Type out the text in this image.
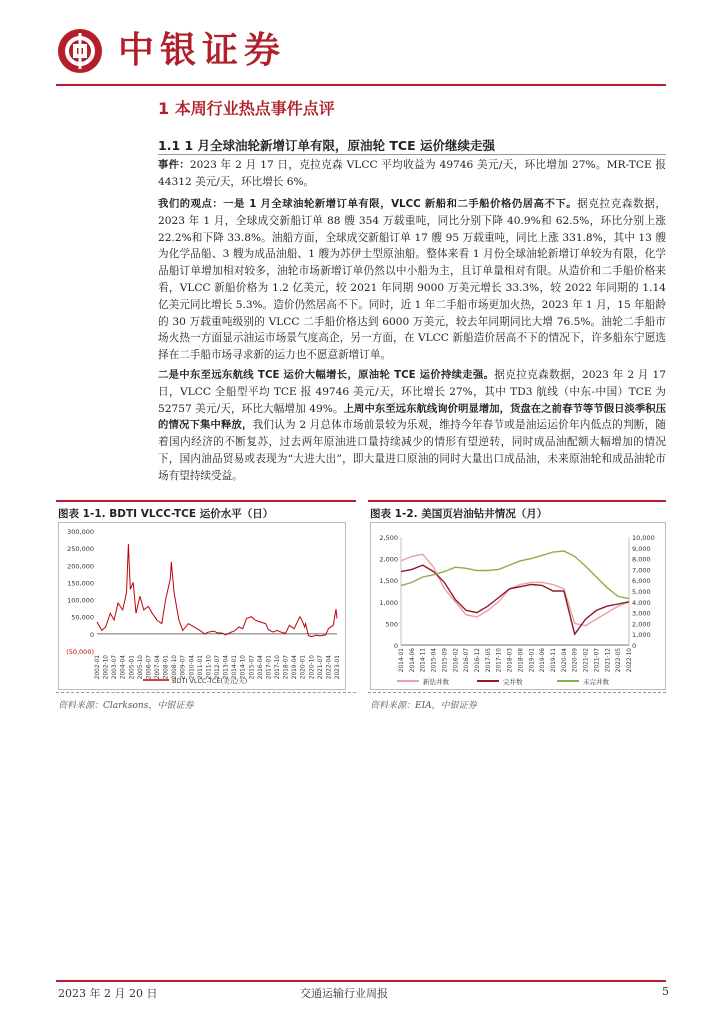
中银证券
1 本周行业热点事件点评
1.1 1 月全球油轮新增订单有限，原油轮 TCE 运价继续走强
事件：2023 年 2 月 17 日，克拉克森 VLCC 平均收益为 49746 美元/天，环比增加 27%。MR-TCE 报 44312 美元/天，环比增长 6%。
我们的观点：一是 1 月全球油轮新增订单有限，VLCC 新船和二手船价格仍居高不下。据克拉克森数据，2023 年 1 月，全球成交新船订单 88 艘 354 万载重吨，同比分别下降 40.9%和 62.5%，环比分别上涨 22.2%和下降 33.8%。油船方面，全球成交新船订单 17 艘 95 万载重吨，同比上涨 331.8%，其中 13 艘为化学品船、3 艘为成品油船、1 艘为苏伊士型原油船。整体来看 1 月份全球油轮新增订单较为有限，化学品船订单增加相对较多，油轮市场新增订单仍然以中小船为主，且订单量相对有限。从造价和二手船价格来看，VLCC 新船价格为 1.2 亿美元，较 2021 年同期 9000 万美元增长 33.3%，较 2022 年同期的 1.14 亿美元同比增长 5.3%。造价仍然居高不下。同时，近 1 年二手船市场更加火热，2023 年 1 月，15 年船龄的 30 万载重吨级别的 VLCC 二手船价格达到 6000 万美元，较去年同期同比大增 76.5%。油轮二手船市场火热一方面显示油运市场景气度高企，另一方面，在 VLCC 新船造价居高不下的情况下，许多船东宁愿选择在二手船市场寻求新的运力也不愿意新增订单。
二是中东至远东航线 TCE 运价大幅增长，原油轮 TCE 运价持续走强。据克拉克森数据，2023 年 2 月 17 日，VLCC 全船型平均 TCE 报 49746 美元/天，环比增长 27%，其中 TD3 航线（中东-中国）TCE 为 52757 美元/天，环比大幅增加 49%。上周中东至远东航线询价明显增加，货盘在之前春节等节假日淡季积压的情况下集中释放，我们认为 2 月总体市场前景较为乐观，维持今年春节或是油运运价年内低点的判断，随着国内经济的不断复苏，过去两年原油进口量持续减少的情形有望逆转，同时成品油配额大幅增加的情况下，国内油品贸易或表现为“大进大出”，即大量进口原油的同时大量出口成品油，未来原油轮和成品油轮市场有望持续受益。
图表 1-1. BDTI VLCC-TCE 运价水平（日）
300,000
250,000
200,000
150,000
100,000
50,000
0
(50,000)
2002-01 2002-10 2003-07 2004-04 2005-01 2005-10 2006-07 2007-04 2008-01 2008-10 2009-07 2010-04 2011-01 2011-10 2012-07 2013-04 2014-01 2014-10 2015-07 2016-04 2017-01 2017-10 2018-07 2019-04 2020-01 2020-10 2021-07 2022-04 2023-01
BDTI VLCC-TCE(美元/天)
资料来源：Clarksons，中银证券
图表 1-2. 美国页岩油钻井情况（月）
2,500
2,000
1,500
1,000
500
0
10,000
9,000
8,000
7,000
6,000
5,000
4,000
3,000
2,000
1,000
0
2014-01 2014-06 2014-11 2015-04 2015-09 2016-02 2016-07 2016-12 2017-05 2017-10 2018-03 2018-08 2019-01 2019-06 2019-11 2020-04 2020-09 2021-02 2021-07 2021-12 2022-05 2022-10
新钻井数	完井数	未完井数
资料来源：EIA，中银证券
2023 年 2 月 20 日	交通运输行业周报	5
